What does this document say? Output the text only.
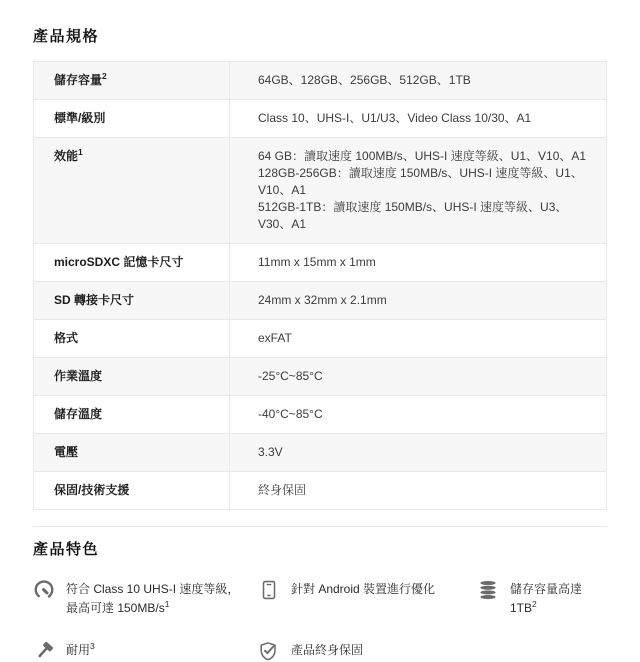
產品規格
儲存容量$^2$	64GB、128GB、256GB、512GB、1TB
標準/級別	Class 10、UHS-I、U1/U3、Video Class 10/30、A1
效能$^1$	64 GB：讀取速度 100MB/s、UHS-I 速度等級、U1、V10、A1
128GB-256GB：讀取速度 150MB/s、UHS-I 速度等級、U1、V10、A1
512GB-1TB：讀取速度 150MB/s、UHS-I 速度等級、U3、V30、A1
microSDXC 記憶卡尺寸	11mm x 15mm x 1mm
SD 轉接卡尺寸	24mm x 32mm x 2.1mm
格式	exFAT
作業溫度	-25°C~85°C
儲存溫度	-40°C~85°C
電壓	3.3V
保固/技術支援	終身保固
產品特色
符合 Class 10 UHS-I 速度等級，最高可達 $150MB/s^1$
針對 Android 裝置進行優化	儲存容量高達 $1TB^2$
耐用$^3$	產品終身保固
